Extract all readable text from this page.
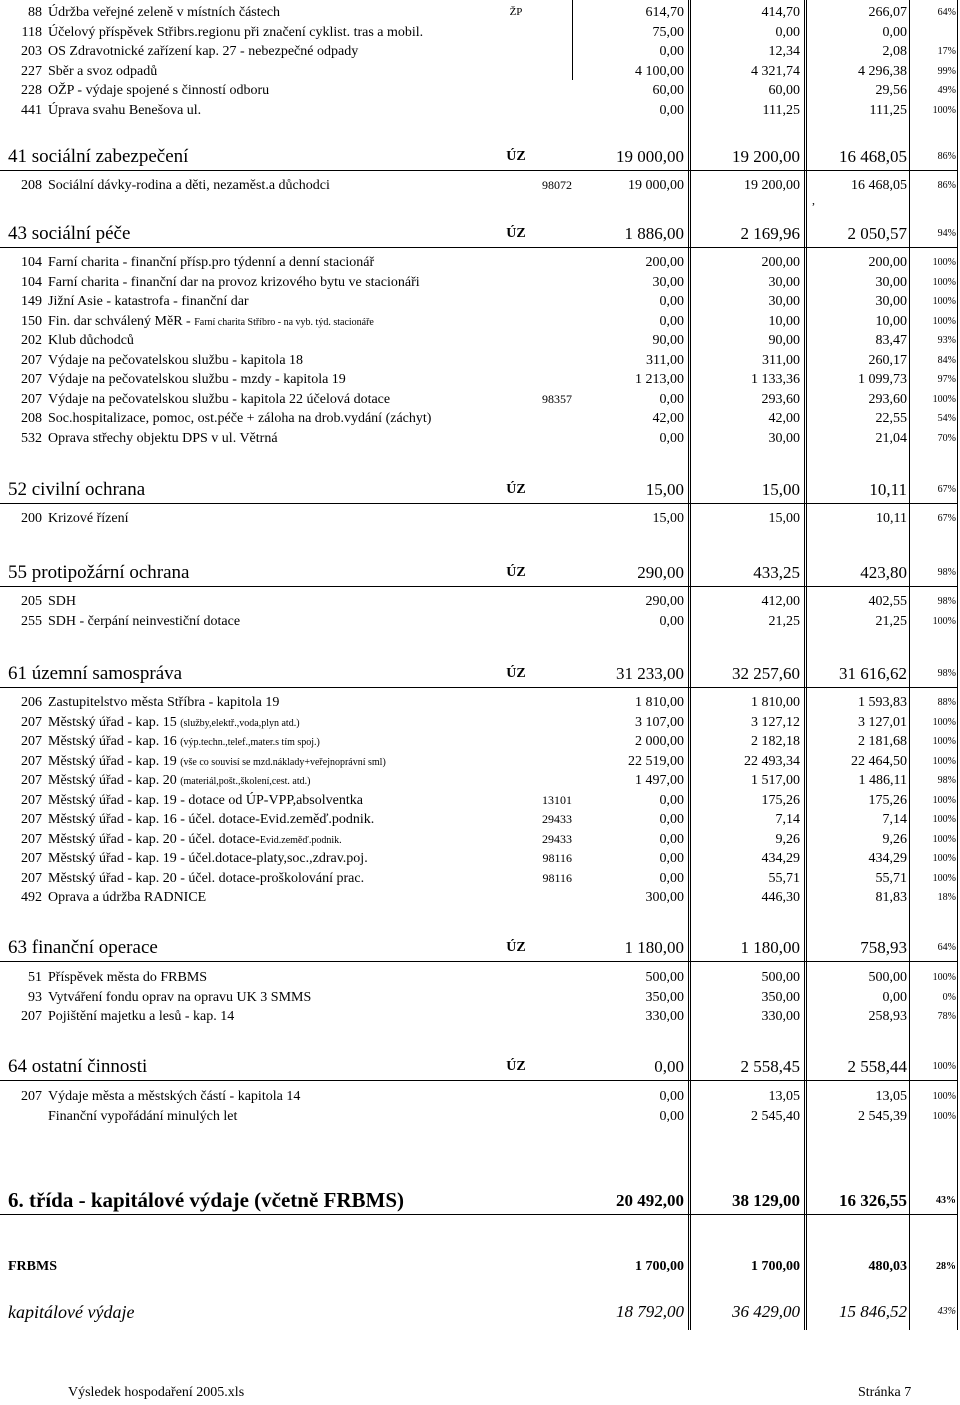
88 Údržba veřejné zeleně v místních částech	ŽP	614,70	414,70	266,07	64%
118 Účelový příspěvek Střibrs.regionu při značení cyklist. tras a mobil.	75,00	0,00	0,00
203 OS Zdravotnické zařízení kap. 27 - nebezpečné odpady	0,00	12,34	2,08	17%
227 Sběr a svoz odpadů	4 100,00	4 321,74	4 296,38	99%
228 OŽP - výdaje spojené s činností odboru	60,00	60,00	29,56	49%
441 Úprava svahu Benešova ul.	0,00	111,25	111,25	100%
41 sociální zabezpečení	ÚZ	19 000,00	19 200,00	16 468,05	86%
208 Sociální dávky-rodina a děti, nezaměst.a důchodci	98072	19 000,00	19 200,00	16 468,05	86%
43 sociální péče	ÚZ	1 886,00	2 169,96	2 050,57	94%
104 Farní charita - finanční přísp.pro týdenní a denní stacionář	200,00	200,00	200,00	100%
104 Farní charita - finanční dar na provoz krizového bytu ve stacionáři	30,00	30,00	30,00	100%
149 Jižní Asie - katastrofa - finanční dar	0,00	30,00	30,00	100%
150 Fin. dar schválený MěR - Farní charita Stříbro - na vyb. týd. stacionáře	0,00	10,00	10,00	100%
202 Klub důchodců	90,00	90,00	83,47	93%
207 Výdaje na pečovatelskou službu - kapitola 18	311,00	311,00	260,17	84%
207 Výdaje na pečovatelskou službu - mzdy - kapitola 19	1 213,00	1 133,36	1 099,73	97%
207 Výdaje na pečovatelskou službu - kapitola 22 účelová dotace	98357	0,00	293,60	293,60	100%
208 Soc.hospitalizace, pomoc, ost.péče + záloha na drob.vydání (záchyt)	42,00	42,00	22,55	54%
532 Oprava střechy objektu DPS v ul. Větrná	0,00	30,00	21,04	70%
52 civilní ochrana	ÚZ	15,00	15,00	10,11	67%
200 Krizové řízení	15,00	15,00	10,11	67%
55 protipožární ochrana	ÚZ	290,00	433,25	423,80	98%
205 SDH	290,00	412,00	402,55	98%
255 SDH - čerpání neinvestiční dotace	0,00	21,25	21,25	100%
61 územní samospráva	ÚZ	31 233,00	32 257,60	31 616,62	98%
206 Zastupitelstvo města Stříbra - kapitola 19	1 810,00	1 810,00	1 593,83	88%
207 Městský úřad - kap. 15 (služby,elektř.,voda,plyn atd.)	3 107,00	3 127,12	3 127,01	100%
207 Městský úřad - kap. 16 (výp.techn.,telef.,mater.s tím spoj.)	2 000,00	2 182,18	2 181,68	100%
207 Městský úřad - kap. 19 (vše co souvisí se mzd.náklady+veřejnoprávní sml)	22 519,00	22 493,34	22 464,50	100%
207 Městský úřad - kap. 20 (materiál,pošt.,školení,cest. atd.)	1 497,00	1 517,00	1 486,11	98%
207 Městský úřad - kap. 19 - dotace od ÚP-VPP,absolventka	13101	0,00	175,26	175,26	100%
207 Městský úřad - kap. 16 - účel. dotace-Evid.zeměď.podnik.	29433	0,00	7,14	7,14	100%
207 Městský úřad - kap. 20 - účel. dotace-Evid.zeměď.podnik.	29433	0,00	9,26	9,26	100%
207 Městský úřad - kap. 19 - účel.dotace-platy,soc.,zdrav.poj.	98116	0,00	434,29	434,29	100%
207 Městský úřad - kap. 20 - účel. dotace-proškolování prac.	98116	0,00	55,71	55,71	100%
492 Oprava a údržba RADNICE	300,00	446,30	81,83	18%
63 finanční operace	ÚZ	1 180,00	1 180,00	758,93	64%
51 Příspěvek města do FRBMS	500,00	500,00	500,00	100%
93 Vytváření fondu oprav na opravu UK 3 SMMS	350,00	350,00	0,00	0%
207 Pojištění majetku a lesů - kap. 14	330,00	330,00	258,93	78%
64 ostatní činnosti	ÚZ	0,00	2 558,45	2 558,44	100%
207 Výdaje města a městských částí - kapitola 14	0,00	13,05	13,05	100%
Finanční vypořádání minulých let	0,00	2 545,40	2 545,39	100%
,
6. třída - kapitálové výdaje (včetně FRBMS)	20 492,00	38 129,00	16 326,55	43%
FRBMS	1 700,00	1 700,00	480,03	28%
kapitálové výdaje	18 792,00	36 429,00	15 846,52	43%
Výsledek hospodaření 2005.xls	Stránka 7
